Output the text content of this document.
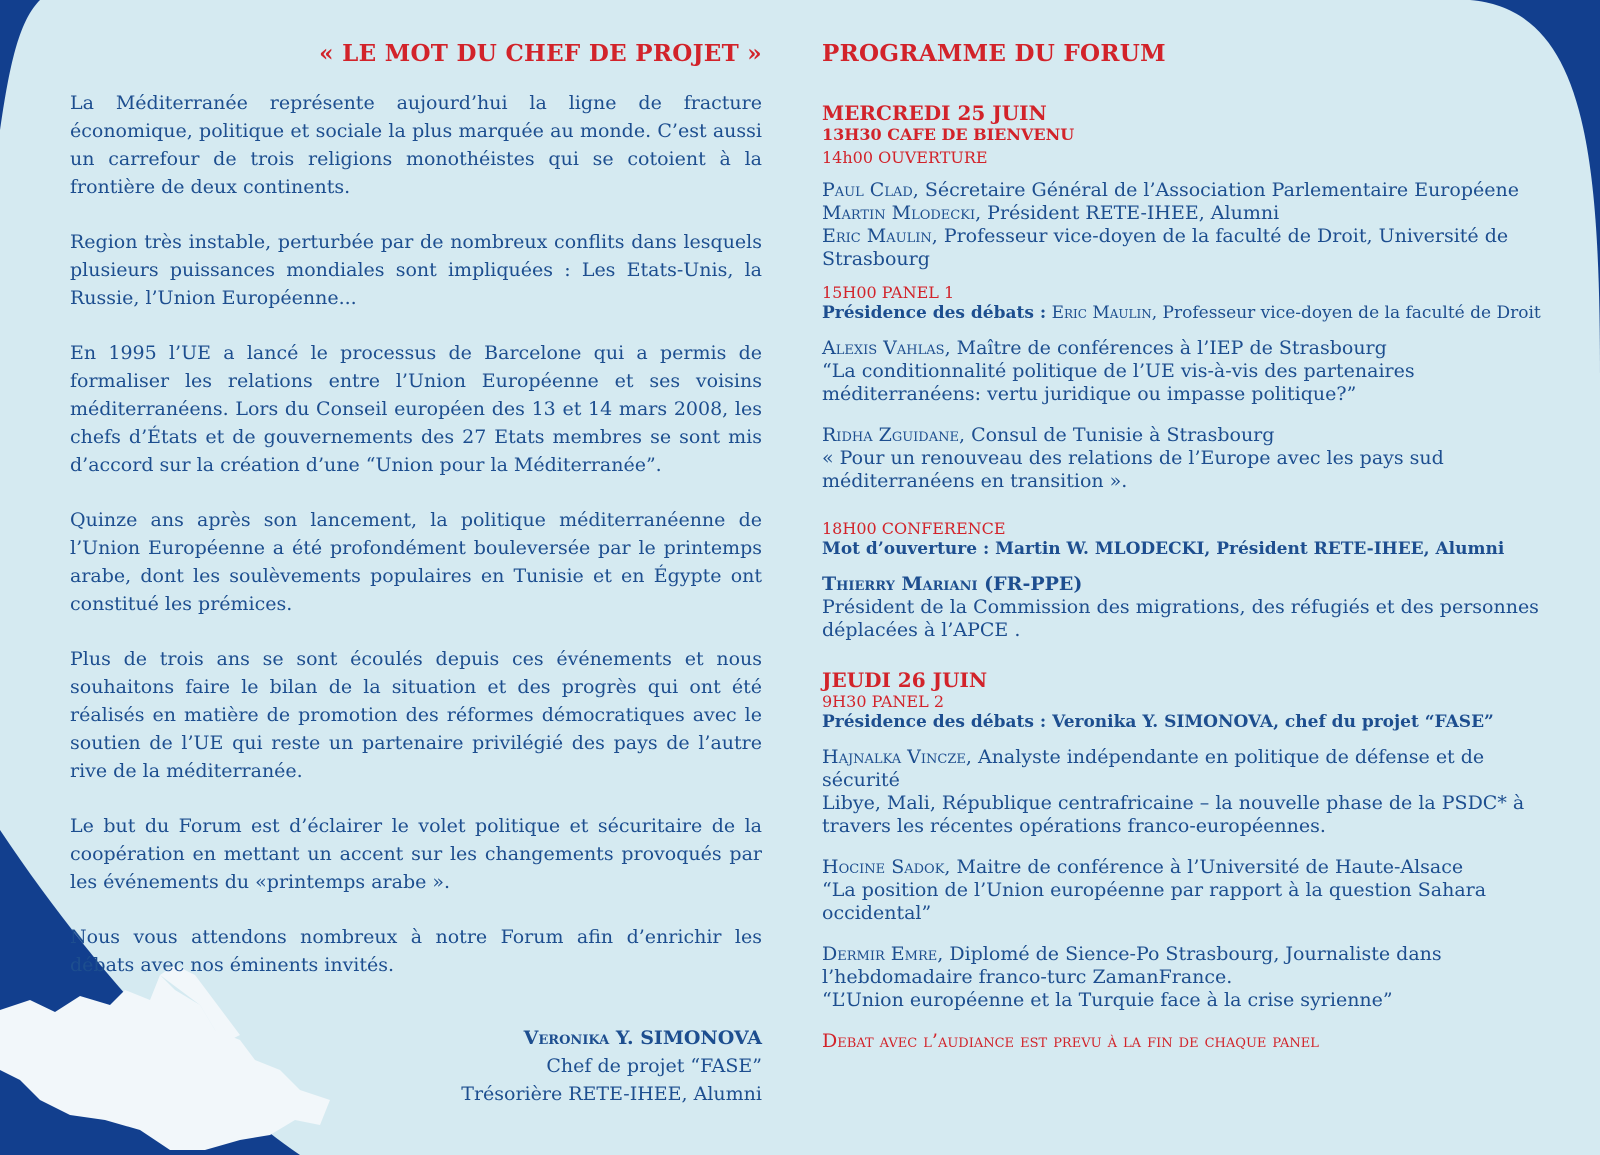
« LE MOT DU CHEF DE PROJET »

La Méditerranée représente aujourd’hui la ligne de fracture économique, politique et sociale la plus marquée au monde. C’est aussi un carrefour de trois religions monothéistes qui se cotoient à la frontière de deux continents.

Region très instable, perturbée par de nombreux conflits dans lesquels plusieurs puissances mondiales sont impliquées : Les Etats-Unis, la Russie, l’Union Européenne...

En 1995 l’UE a lancé le processus de Barcelone qui a permis de formaliser les relations entre l’Union Européenne et ses voisins méditerranéens. Lors du Conseil européen des 13 et 14 mars 2008, les chefs d’États et de gouvernements des 27 Etats membres se sont mis d’accord sur la création d’une “Union pour la Méditerranée”.

Quinze ans après son lancement, la politique méditerranéenne de l’Union Européenne a été profondément bouleversée par le printemps arabe, dont les soulèvements populaires en Tunisie et en Égypte ont constitué les prémices.

Plus de trois ans se sont écoulés depuis ces événements et nous souhaitons faire le bilan de la situation et des progrès qui ont été réalisés en matière de promotion des réformes démocratiques avec le soutien de l’UE qui reste un partenaire privilégié des pays de l’autre rive de la méditerranée.

Le but du Forum est d’éclairer le volet politique et sécuritaire de la coopération en mettant un accent sur les changements provoqués par les événements du «printemps arabe ».

Nous vous attendons nombreux à notre Forum afin d’enrichir les débats avec nos éminents invités.

Veronika Y. SIMONOVA
Chef de projet “FASE”
Trésorière RETE-IHEE, Alumni
PROGRAMME DU FORUM

MERCREDI 25 JUIN

13H30 CAFE DE BIENVENU

14h00 OUVERTURE

Paul Clad, Sécretaire Général de l’Association Parlementaire Européene

Martin Mlodecki, Président RETE-IHEE, Alumni

Eric Maulin, Professeur vice-doyen de la faculté de Droit, Université de Strasbourg

15H00 PANEL 1

Présidence des débats : Eric Maulin, Professeur vice-doyen de la faculté de Droit

Alexis Vahlas, Maître de conférences à l’IEP de Strasbourg

“La conditionnalité politique de l’UE vis-à-vis des partenaires méditerranéens: vertu juridique ou impasse politique?”

Ridha Zguidane, Consul de Tunisie à Strasbourg

« Pour un renouveau des relations de l’Europe avec les pays sud méditerranéens en transition ».

18H00 CONFERENCE

Mot d’ouverture : Martin W. MLODECKI, Président RETE-IHEE, Alumni

Thierry Mariani (FR-PPE)

Président de la Commission des migrations, des réfugiés et des personnes déplacées à l’APCE .

JEUDI 26 JUIN

9H30 PANEL 2

Présidence des débats : Veronika Y. SIMONOVA, chef du projet “FASE”

Hajnalka Vincze, Analyste indépendante en politique de défense et de sécurité

Libye, Mali, République centrafricaine – la nouvelle phase de la PSDC* à travers les récentes opérations franco-européennes.

Hocine Sadok, Maitre de conférence à l’Université de Haute-Alsace

“La position de l’Union européenne par rapport à la question Sahara occidental”

Dermir Emre, Diplomé de Sience-Po Strasbourg, Journaliste dans l’hebdomadaire franco-turc ZamanFrance.

“L’Union européenne et la Turquie face à la crise syrienne”

Debat avec l’audiance est prevu à la fin de chaque panel
